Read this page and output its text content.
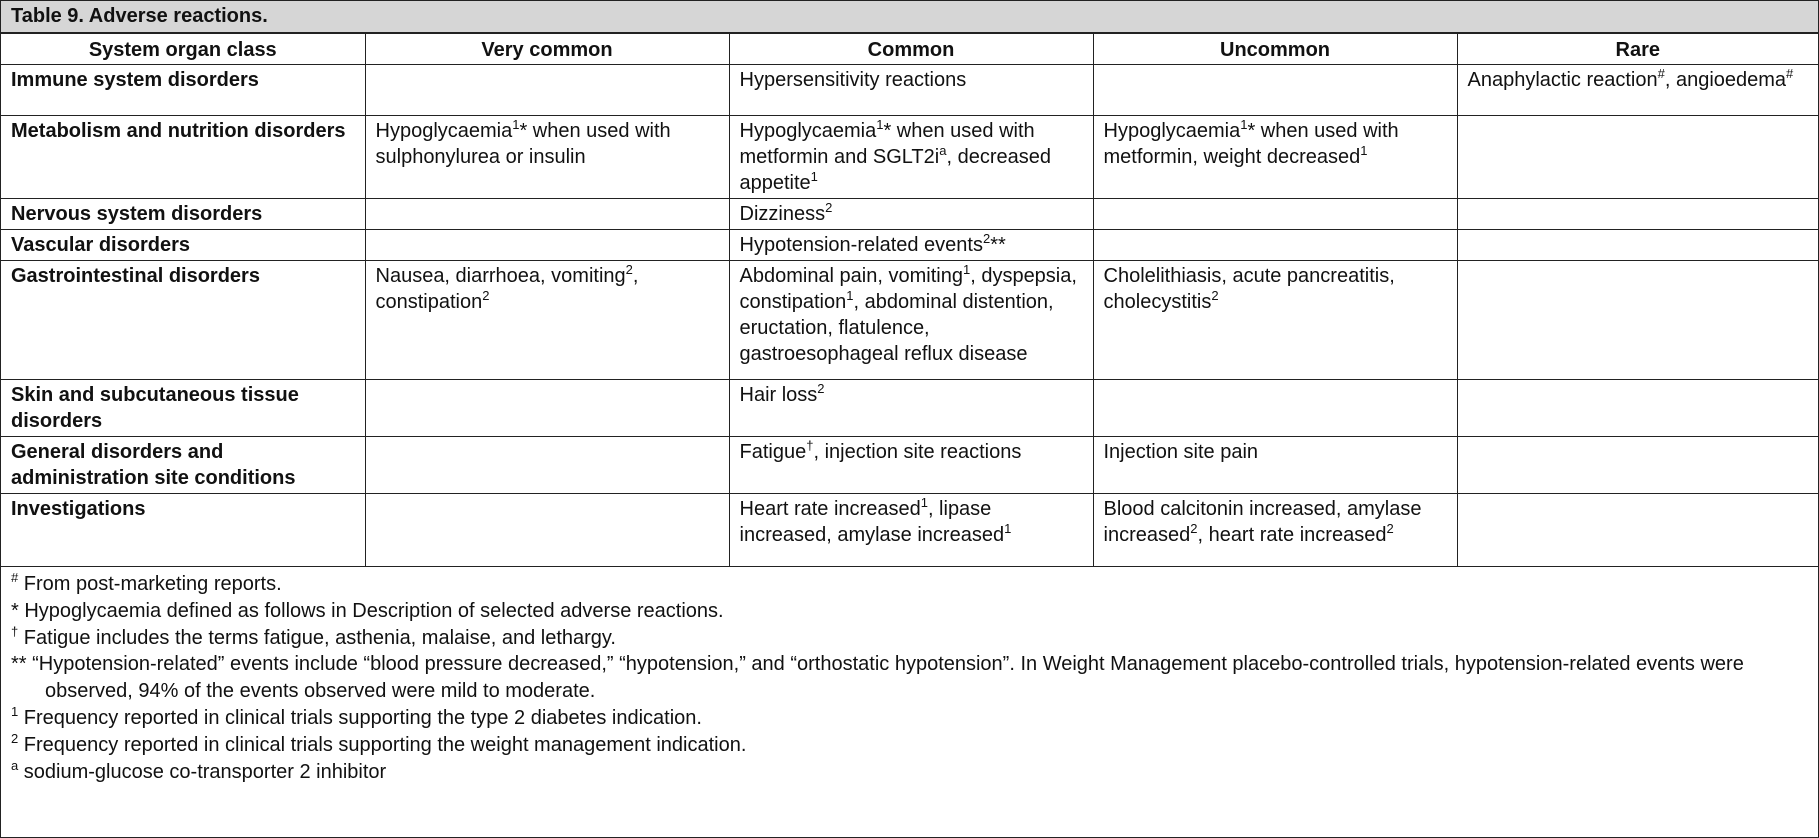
Table 9. Adverse reactions.
System organ class	Very common	Common	Uncommon	Rare
Immune system disorders		Hypersensitivity reactions		Anaphylactic reaction#, angioedema#
Metabolism and nutrition disorders	Hypoglycaemia$^1$* when used with sulphonylurea or insulin	Hypoglycaemia$^1$* when used with metformin and $SGLT2i^a$, decreased appetite$^1$	Hypoglycaemia$^1$* when used with metformin, weight decreased$^1$	
Nervous system disorders		Dizziness$^2$		
Vascular disorders		Hypotension-related events$^2$**		
Gastrointestinal disorders	Nausea, diarrhoea, vomiting$^2$, constipation$^2$	Abdominal pain, vomiting$^1$, dyspepsia, constipation$^1$, abdominal distention, eructation, flatulence, gastroesophageal reflux disease	Cholelithiasis, acute pancreatitis, cholecystitis$^2$	
Skin and subcutaneous tissue disorders		Hair loss$^2$		
General disorders and administration site conditions		Fatigue†, injection site reactions	Injection site pain	
Investigations		Heart rate increased$^1$, lipase increased, amylase increased$^1$	Blood calcitonin increased, amylase increased$^2$, heart rate increased$^2$	
# From post-marketing reports.
* Hypoglycaemia defined as follows in Description of selected adverse reactions.
† Fatigue includes the terms fatigue, asthenia, malaise, and lethargy.
** “Hypotension-related” events include “blood pressure decreased,” “hypotension,” and “orthostatic hypotension”. In Weight Management placebo-controlled trials, hypotension-related events were observed, 94% of the events observed were mild to moderate.
$^1$ Frequency reported in clinical trials supporting the type 2 diabetes indication.
$^2$ Frequency reported in clinical trials supporting the weight management indication.
$^a$ sodium-glucose co-transporter 2 inhibitor
